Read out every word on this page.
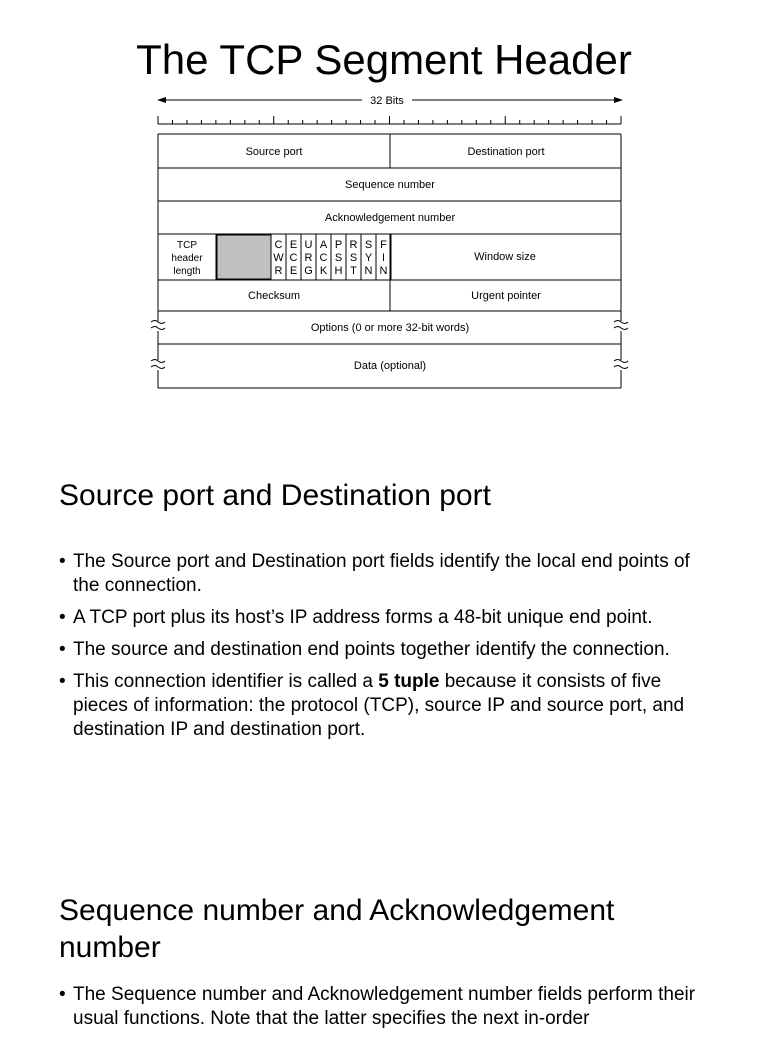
The TCP Segment Header
32 Bits
C
W
R
E
C
E
U
R
G
A
C
K
P
S
H
R
S
T
S
Y
N
F
I
N
Source port	Destination port
Sequence number
Acknowledgement number
TCP
header
length
Window size
Checksum	Urgent pointer
Options (0 or more 32-bit words)
Data (optional)
Source port and Destination port
• The Source port and Destination port fields identify the local end points of the connection.
• A TCP port plus its host’s IP address forms a 48-bit unique end point.
• The source and destination end points together identify the connection.
• This connection identifier is called a 5 tuple because it consists of five pieces of information: the protocol (TCP), source IP and source port, and destination IP and destination port.
Sequence number and Acknowledgement number
• The Sequence number and Acknowledgement number fields perform their usual functions. Note that the latter specifies the next in-order
